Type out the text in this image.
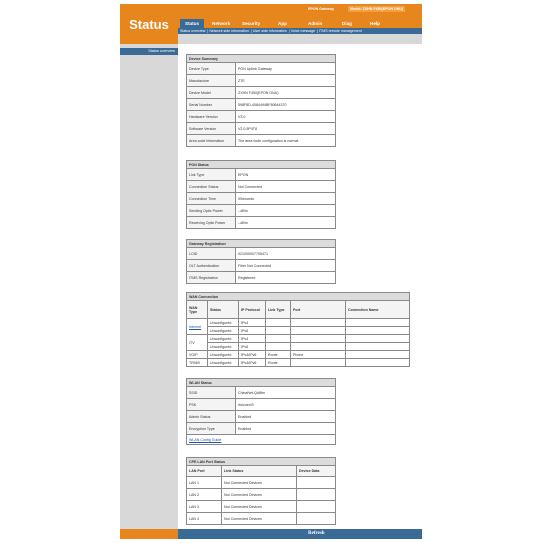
Status
EPON Gateway	Model: ZXHN F450(EPON ONU)
Status	Network	Security	App	Admin	Diag	Help
Status overview | Network side information | User side information | Voice message | ITMS remote management
Status overview
Device Summary	
Device Type	PON Uplink Gateway
Manufacture	ZTE
Device Model	ZXHN F450(EPON ONU)
Serial Number	598F8D-4084494BF80644370
Hardware Version	V3.0
Software Version	V2.0.5P4T8
Area code information	The area code configuration is normal
PON Status	
Link Type	EPON
Connection Status	Not Connected
Connection Time	0Seconds
Sending Optic Power	--dBm
Receiving Optic Power	--dBm
Gateway Registration	
LOID	021000007705471
OLT Authentication	Fiber Not Connected
ITMS Registration	Registered
WAN Connection					
WAN Type	Status	IP Protocol	Link Type	Port	Connection Name
Internet	Unconfigured	IPv4			
	Unconfigured	IPv6			
ITV	Unconfigured	IPv4			
	Unconfigured	IPv6			
VOIP	Unconfigured	IPv4/IPv6	Route	Phone	
TR069	Unconfigured	IPv4/IPv6	Route		
WLAN Status	
SSID	ChinaNet-Qd8fm
PSK	rfuicoect3
Admin Status	Enabled
Encryption Type	Enabled
WLAN Config Guide	
CPE LAN Port Status		
LAN Port	Link Status	Device Data
LAN 1	Not Connected Devices	
LAN 2	Not Connected Devices	
LAN 3	Not Connected Devices	
LAN 4	Not Connected Devices	
Refresh
